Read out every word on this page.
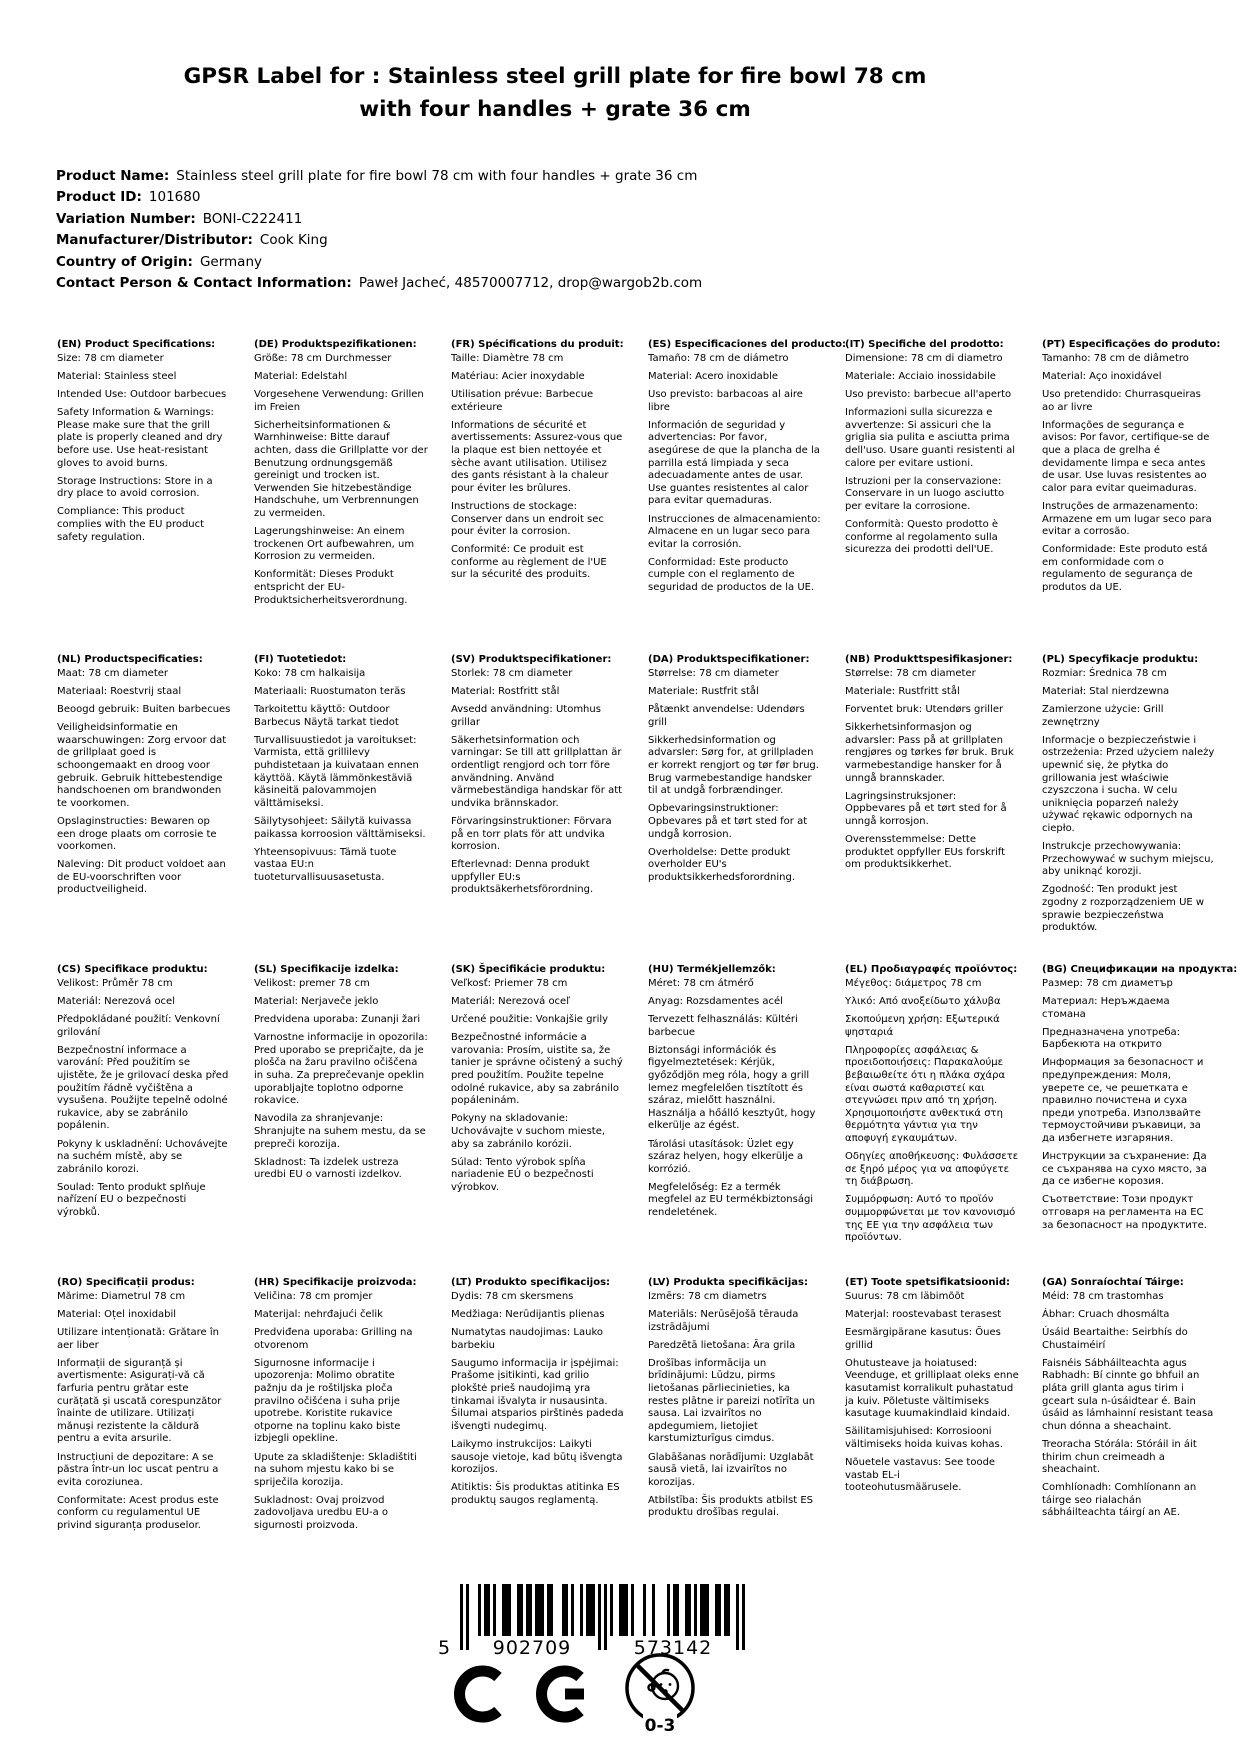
GPSR Label for : Stainless steel grill plate for fire bowl 78 cm
with four handles + grate 36 cm
Product Name: Stainless steel grill plate for fire bowl 78 cm with four handles + grate 36 cm
Product ID: 101680
Variation Number: BONI-C222411
Manufacturer/Distributor: Cook King
Country of Origin: Germany
Contact Person & Contact Information: Paweł Jacheć, 48570007712, drop@wargob2b.com
(EN) Product Specifications:
Size: 78 cm diameter
Material: Stainless steel
Intended Use: Outdoor barbecues
Safety Information & Warnings: Please make sure that the grill plate is properly cleaned and dry before use. Use heat-resistant gloves to avoid burns.
Storage Instructions: Store in a dry place to avoid corrosion.
Compliance: This product complies with the EU product safety regulation.
(DE) Produktspezifikationen:
Größe: 78 cm Durchmesser
Material: Edelstahl
Vorgesehene Verwendung: Grillen im Freien
Sicherheitsinformationen & Warnhinweise: Bitte darauf achten, dass die Grillplatte vor der Benutzung ordnungsgemäß gereinigt und trocken ist. Verwenden Sie hitzebeständige Handschuhe, um Verbrennungen zu vermeiden.
Lagerungshinweise: An einem trockenen Ort aufbewahren, um Korrosion zu vermeiden.
Konformität: Dieses Produkt entspricht der EU-Produktsicherheitsverordnung.
(FR) Spécifications du produit:
Taille: Diamètre 78 cm
Matériau: Acier inoxydable
Utilisation prévue: Barbecue extérieure
Informations de sécurité et avertissements: Assurez-vous que la plaque est bien nettoyée et sèche avant utilisation. Utilisez des gants résistant à la chaleur pour éviter les brûlures.
Instructions de stockage: Conserver dans un endroit sec pour éviter la corrosion.
Conformité: Ce produit est conforme au règlement de l'UE sur la sécurité des produits.
(ES) Especificaciones del producto:
Tamaño: 78 cm de diámetro
Material: Acero inoxidable
Uso previsto: barbacoas al aire libre
Información de seguridad y advertencias: Por favor, asegúrese de que la plancha de la parrilla está limpiada y seca adecuadamente antes de usar. Use guantes resistentes al calor para evitar quemaduras.
Instrucciones de almacenamiento: Almacene en un lugar seco para evitar la corrosión.
Conformidad: Este producto cumple con el reglamento de seguridad de productos de la UE.
(IT) Specifiche del prodotto:
Dimensione: 78 cm di diametro
Materiale: Acciaio inossidabile
Uso previsto: barbecue all'aperto
Informazioni sulla sicurezza e avvertenze: Si assicuri che la griglia sia pulita e asciutta prima dell'uso. Usare guanti resistenti al calore per evitare ustioni.
Istruzioni per la conservazione: Conservare in un luogo asciutto per evitare la corrosione.
Conformità: Questo prodotto è conforme al regolamento sulla sicurezza dei prodotti dell'UE.
(PT) Especificações do produto:
Tamanho: 78 cm de diâmetro
Material: Aço inoxidável
Uso pretendido: Churrasqueiras ao ar livre
Informações de segurança e avisos: Por favor, certifique-se de que a placa de grelha é devidamente limpa e seca antes de usar. Use luvas resistentes ao calor para evitar queimaduras.
Instruções de armazenamento: Armazene em um lugar seco para evitar a corrosão.
Conformidade: Este produto está em conformidade com o regulamento de segurança de produtos da UE.
(NL) Productspecificaties:
Maat: 78 cm diameter
Materiaal: Roestvrij staal
Beoogd gebruik: Buiten barbecues
Veiligheidsinformatie en waarschuwingen: Zorg ervoor dat de grillplaat goed is schoongemaakt en droog voor gebruik. Gebruik hittebestendige handschoenen om brandwonden te voorkomen.
Opslaginstructies: Bewaren op een droge plaats om corrosie te voorkomen.
Naleving: Dit product voldoet aan de EU-voorschriften voor productveiligheid.
(FI) Tuotetiedot:
Koko: 78 cm halkaisija
Materiaali: Ruostumaton teräs
Tarkoitettu käyttö: Outdoor Barbecus Näytä tarkat tiedot
Turvallisuustiedot ja varoitukset: Varmista, että grillilevy puhdistetaan ja kuivataan ennen käyttöä. Käytä lämmönkestäviä käsineitä palovammojen välttämiseksi.
Säilytysohjeet: Säilytä kuivassa paikassa korroosion välttämiseksi.
Yhteensopivuus: Tämä tuote vastaa EU:n tuoteturvallisuusasetusta.
(SV) Produktspecifikationer:
Storlek: 78 cm diameter
Material: Rostfritt stål
Avsedd användning: Utomhus grillar
Säkerhetsinformation och varningar: Se till att grillplattan är ordentligt rengjord och torr före användning. Använd värmebeständiga handskar för att undvika brännskador.
Förvaringsinstruktioner: Förvara på en torr plats för att undvika korrosion.
Efterlevnad: Denna produkt uppfyller EU:s produktsäkerhetsförordning.
(DA) Produktspecifikationer:
Størrelse: 78 cm diameter
Materiale: Rustfrit stål
Påtænkt anvendelse: Udendørs grill
Sikkerhedsinformation og advarsler: Sørg for, at grillpladen er korrekt rengjort og tør før brug. Brug varmebestandige handsker til at undgå forbrændinger.
Opbevaringsinstruktioner: Opbevares på et tørt sted for at undgå korrosion.
Overholdelse: Dette produkt overholder EU's produktsikkerhedsforordning.
(NB) Produkttspesifikasjoner:
Størrelse: 78 cm diameter
Materiale: Rustfritt stål
Forventet bruk: Utendørs griller
Sikkerhetsinformasjon og advarsler: Pass på at grillplaten rengjøres og tørkes før bruk. Bruk varmebestandige hansker for å unngå brannskader.
Lagringsinstruksjoner: Oppbevares på et tørt sted for å unngå korrosjon.
Overensstemmelse: Dette produktet oppfyller EUs forskrift om produktsikkerhet.
(PL) Specyfikacje produktu:
Rozmiar: Średnica 78 cm
Materiał: Stal nierdzewna
Zamierzone użycie: Grill zewnętrzny
Informacje o bezpieczeństwie i ostrzeżenia: Przed użyciem należy upewnić się, że płytka do grillowania jest właściwie czyszczona i sucha. W celu uniknięcia poparzeń należy używać rękawic odpornych na ciepło.
Instrukcje przechowywania: Przechowywać w suchym miejscu, aby uniknąć korozji.
Zgodność: Ten produkt jest zgodny z rozporządzeniem UE w sprawie bezpieczeństwa produktów.
(CS) Specifikace produktu:
Velikost: Průměr 78 cm
Materiál: Nerezová ocel
Předpokládané použití: Venkovní grilování
Bezpečnostní informace a varování: Před použitím se ujistěte, že je grilovací deska před použitím řádně vyčištěna a vysušena. Použijte tepelně odolné rukavice, aby se zabránilo popálenin.
Pokyny k uskladnění: Uchovávejte na suchém místě, aby se zabránilo korozi.
Soulad: Tento produkt splňuje nařízení EU o bezpečnosti výrobků.
(SL) Specifikacije izdelka:
Velikost: premer 78 cm
Material: Nerjaveče jeklo
Predvidena uporaba: Zunanji žari
Varnostne informacije in opozorila: Pred uporabo se prepričajte, da je plošča na žaru pravilno očiščena in suha. Za preprečevanje opeklin uporabljajte toplotno odporne rokavice.
Navodila za shranjevanje: Shranjujte na suhem mestu, da se prepreči korozija.
Skladnost: Ta izdelek ustreza uredbi EU o varnosti izdelkov.
(SK) Špecifikácie produktu:
Veľkosť: Priemer 78 cm
Materiál: Nerezová oceľ
Určené použitie: Vonkajšie grily
Bezpečnostné informácie a varovania: Prosím, uistite sa, že tanier je správne očistený a suchý pred použitím. Použite tepelne odolné rukavice, aby sa zabránilo popáleninám.
Pokyny na skladovanie: Uchovávajte v suchom mieste, aby sa zabránilo korózii.
Súlad: Tento výrobok spĺňa nariadenie EÚ o bezpečnosti výrobkov.
(HU) Termékjellemzők:
Méret: 78 cm átmérő
Anyag: Rozsdamentes acél
Tervezett felhasználás: Kültéri barbecue
Biztonsági információk és figyelmeztetések: Kérjük, győződjön meg róla, hogy a grill lemez megfelelően tisztított és száraz, mielőtt használni. Használja a hőálló kesztyűt, hogy elkerülje az égést.
Tárolási utasítások: Üzlet egy száraz helyen, hogy elkerülje a korrózió.
Megfelelőség: Ez a termék megfelel az EU termékbiztonsági rendeletének.
(EL) Προδιαγραφές προϊόντος:
Μέγεθος: διάμετρος 78 cm
Υλικό: Από ανοξείδωτο χάλυβα
Σκοπούμενη χρήση: Εξωτερικά ψησταριά
Πληροφορίες ασφάλειας & προειδοποιήσεις: Παρακαλούμε βεβαιωθείτε ότι η πλάκα σχάρα είναι σωστά καθαριστεί και στεγνώσει πριν από τη χρήση. Χρησιμοποιήστε ανθεκτικά στη θερμότητα γάντια για την αποφυγή εγκαυμάτων.
Οδηγίες αποθήκευσης: Φυλάσσετε σε ξηρό μέρος για να αποφύγετε τη διάβρωση.
Συμμόρφωση: Αυτό το προϊόν συμμορφώνεται με τον κανονισμό της ΕΕ για την ασφάλεια των προϊόντων.
(BG) Спецификации на продукта:
Размер: 78 cm диаметър
Материал: Неръждаема стомана
Предназначена употреба: Барбекюта на открито
Информация за безопасност и предупреждения: Моля, уверете се, че решетката е правилно почистена и суха преди употреба. Използвайте термоустойчиви ръкавици, за да избегнете изгаряния.
Инструкции за съхранение: Да се съхранява на сухо място, за да се избегне корозия.
Съответствие: Този продукт отговаря на регламента на ЕС за безопасност на продуктите.
(RO) Specificații produs:
Mărime: Diametrul 78 cm
Material: Oțel inoxidabil
Utilizare intenționată: Grătare în aer liber
Informații de siguranță și avertismente: Asigurați-vă că farfuria pentru grătar este curățată și uscată corespunzător înainte de utilizare. Utilizați mănuși rezistente la căldură pentru a evita arsurile.
Instrucțiuni de depozitare: A se păstra într-un loc uscat pentru a evita coroziunea.
Conformitate: Acest produs este conform cu regulamentul UE privind siguranța produselor.
(HR) Specifikacije proizvoda:
Veličina: 78 cm promjer
Materijal: nehrđajući čelik
Predviđena uporaba: Grilling na otvorenom
Sigurnosne informacije i upozorenja: Molimo obratite pažnju da je roštiljska ploča pravilno očišćena i suha prije upotrebe. Koristite rukavice otporne na toplinu kako biste izbjegli opekline.
Upute za skladištenje: Skladištiti na suhom mjestu kako bi se spriječila korozija.
Sukladnost: Ovaj proizvod zadovoljava uredbu EU-a o sigurnosti proizvoda.
(LT) Produkto specifikacijos:
Dydis: 78 cm skersmens
Medžiaga: Nerūdijantis plienas
Numatytas naudojimas: Lauko barbekiu
Saugumo informacija ir įspėjimai: Prašome įsitikinti, kad grilio plokštė prieš naudojimą yra tinkamai išvalyta ir nusausinta. Šilumai atsparios pirštinės padeda išvengti nudegimų.
Laikymo instrukcijos: Laikyti sausoje vietoje, kad būtų išvengta korozijos.
Atitiktis: Šis produktas atitinka ES produktų saugos reglamentą.
(LV) Produkta specifikācijas:
Izmērs: 78 cm diametrs
Materiāls: Nerūsējošā tērauda izstrādājumi
Paredzētā lietošana: Āra grila
Drošības informācija un brīdinājumi: Lūdzu, pirms lietošanas pārliecinieties, ka restes plātne ir pareizi notīrīta un sausa. Lai izvairītos no apdegumiem, lietojiet karstumizturīgus cimdus.
Glabāšanas norādījumi: Uzglabāt sausā vietā, lai izvairītos no korozijas.
Atbilstība: Šis produkts atbilst ES produktu drošības regulai.
(ET) Toote spetsifikatsioonid:
Suurus: 78 cm läbimõõt
Materjal: roostevabast terasest
Eesmärgipärane kasutus: Õues grillid
Ohutusteave ja hoiatused: Veenduge, et grilliplaat oleks enne kasutamist korralikult puhastatud ja kuiv. Põletuste vältimiseks kasutage kuumakindlaid kindaid.
Säilitamisjuhised: Korrosiooni vältimiseks hoida kuivas kohas.
Nõuetele vastavus: See toode vastab EL-i tooteohutusmäärusele.
(GA) Sonraíochtaí Táirge:
Méid: 78 cm trastomhas
Ábhar: Cruach dhosmálta
Úsáid Beartaithe: Seirbhís do Chustaiméirí
Faisnéis Sábháilteachta agus Rabhadh: Bí cinnte go bhfuil an pláta grill glanta agus tirim i gceart sula n-úsáidtear é. Bain úsáid as lámhainní resistant teasa chun dónna a sheachaint.
Treoracha Stórála: Stóráil in áit thirim chun creimeadh a sheachaint.
Comhlíonadh: Comhlíonann an táirge seo rialachán sábháilteachta táirgí an AE.
5 902709	573142
0-3
